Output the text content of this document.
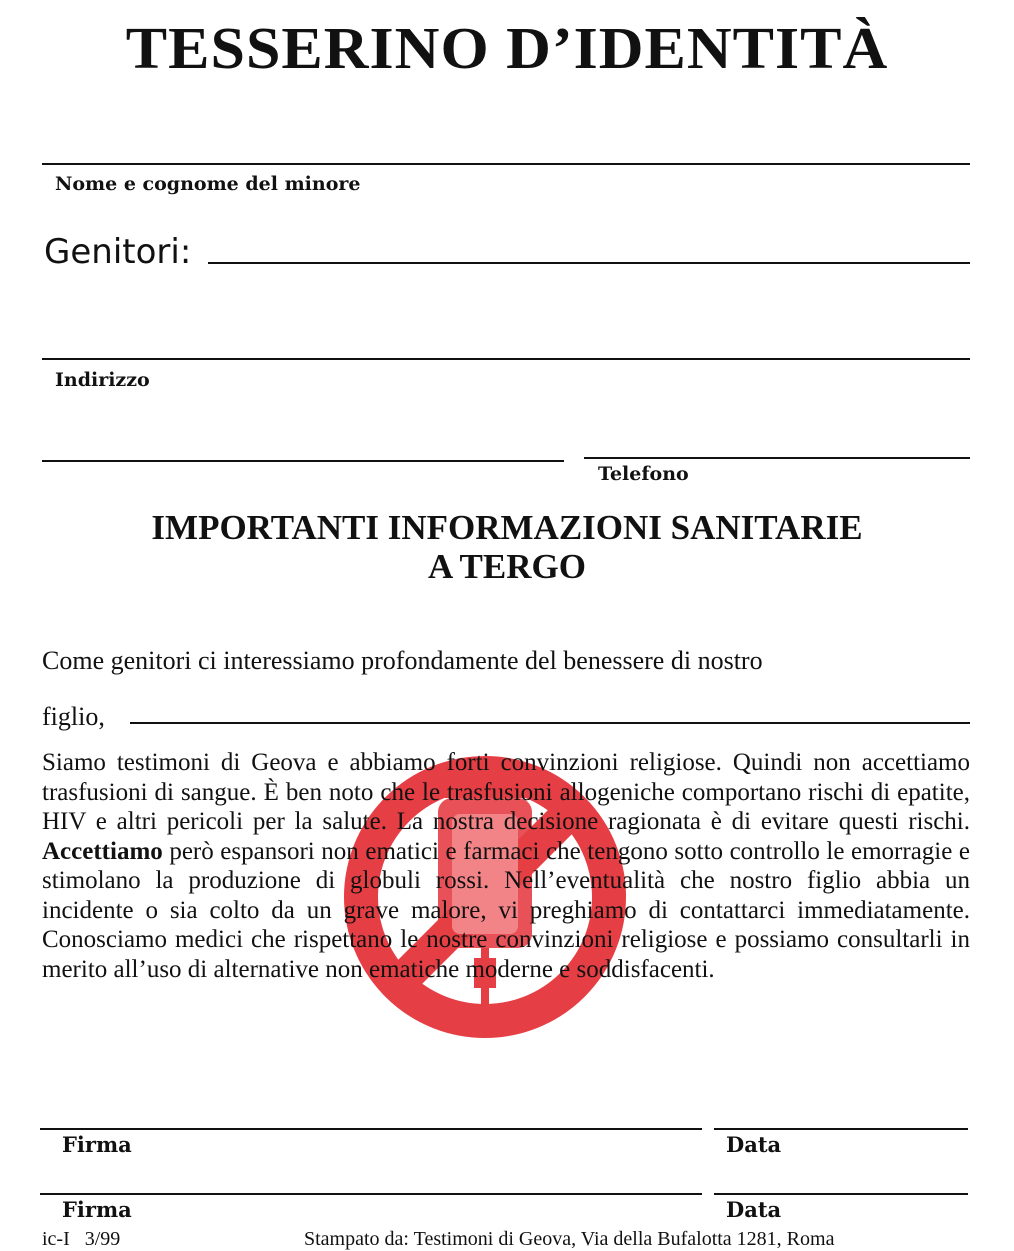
TESSERINO D’IDENTITÀ
Nome e cognome del minore
Genitori:
Indirizzo
Telefono
IMPORTANTI INFORMAZIONI SANITARIE
A TERGO
Come genitori ci interessiamo profondamente del benessere di nostro
figlio,
Siamo testimoni di Geova e abbiamo forti convinzioni religiose. Quindi non accettiamo trasfusioni di sangue. È ben noto che le trasfusioni allogeniche comportano rischi di epatite, HIV e altri pericoli per la salute. La nostra decisione ragionata è di evitare questi rischi. Accettiamo però espansori non ematici e farmaci che tengono sotto controllo le emorragie e stimolano la produzione di globuli rossi. Nell’eventualità che nostro figlio abbia un incidente o sia colto da un grave malore, vi preghiamo di contattarci immediatamente. Conosciamo medici che rispettano le nostre convinzioni religiose e possiamo consultarli in merito all’uso di alternative non ematiche moderne e soddisfacenti.
Firma	Data
Firma	Data
ic-I   3/99	Stampato da: Testimoni di Geova, Via della Bufalotta 1281, Roma
